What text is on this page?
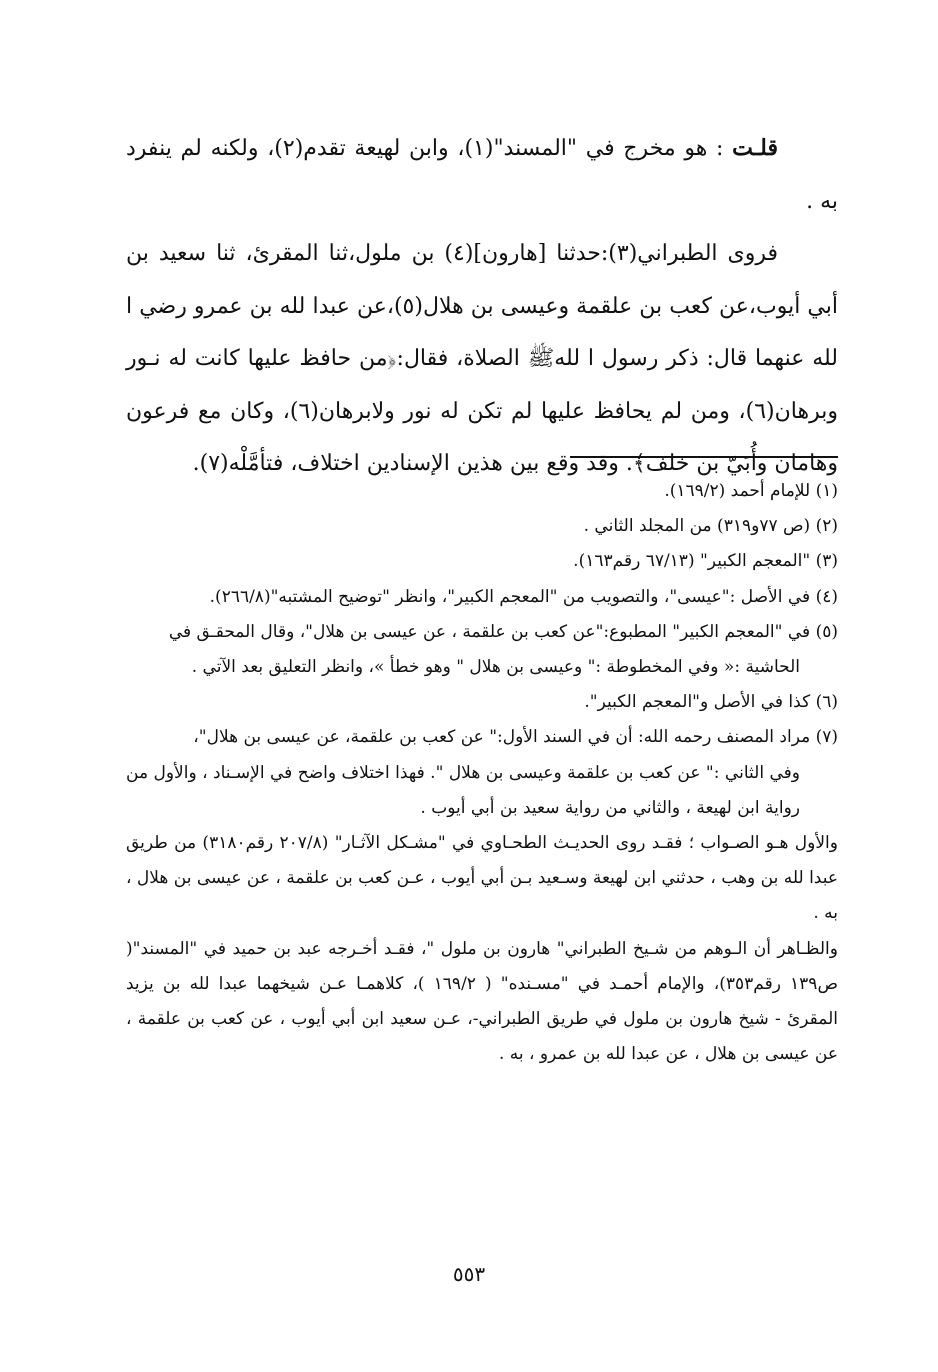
قلـت : هو مخرج في "المسند"(١)، وابن لهيعة تقدم(٢)، ولكنه لم ينفرد به .

فروى الطبراني(٣):حدثنا [هارون](٤) بن ملول،ثنا المقرئ، ثنا سعيد بن أبي أيوب،عن كعب بن علقمة وعيسى بن هلال(٥)،عن عبدا لله بن عمرو رضي ا لله عنهما قال: ذكر رسول ا للهﷺ الصلاة، فقال:﴿من حافظ عليها كانت له نـور وبرهان(٦)، ومن لم يحافظ عليها لم تكن له نور ولابرهان(٦)، وكان مع فرعون وهامان وأُبَيّ بن خلف﴾. وقد وقع بين هذين الإسنادين اختلاف، فتأمَّلْه(٧).

(١) للإمام أحمد (١٦٩/٢).

(٢) (ص ٧٧و٣١٩) من المجلد الثاني .

(٣) "المعجم الكبير" (٦٧/١٣ رقم١٦٣).

(٤) في الأصل :"عيسى"، والتصويب من "المعجم الكبير"، وانظر "توضيح المشتبه"(٢٦٦/٨).

(٥) في "المعجم الكبير" المطبوع:"عن كعب بن علقمة ، عن عيسى بن هلال"، وقال المحقـق في

الحاشية :« وفي المخطوطة :" وعيسى بن هلال " وهو خطأ »، وانظر التعليق بعد الآتي .

(٦) كذا في الأصل و"المعجم الكبير".

(٧) مراد المصنف رحمه الله: أن في السند الأول:" عن كعب بن علقمة، عن عيسى بن هلال"،

وفي الثاني :" عن كعب بن علقمة وعيسى بن هلال ". فهذا اختلاف واضح في الإسـناد ، والأول من رواية ابن لهيعة ، والثاني من رواية سعيد بن أبي أيوب .

والأول هـو الصـواب ؛ فقـد روى الحديـث الطحـاوي في "مشـكل الآثـار" (٢٠٧/٨ رقم٣١٨٠) من طريق عبدا لله بن وهب ، حدثني ابن لهيعة وسـعيد بـن أبي أيوب ، عـن كعب بن علقمة ، عن عيسى بن هلال ، به .

والظـاهر أن الـوهم من شـيخ الطبراني" هارون بن ملول "، فقـد أخـرجه عبد بن حميد في "المسند"( ص١٣٩ رقم٣٥٣)، والإمام أحمـد في "مسـنده" ( ١٦٩/٢ )، كلاهمـا عـن شيخهما عبدا لله بن يزيد المقرئ - شيخ هارون بن ملول في طريق الطبراني-، عـن سعيد ابن أبي أيوب ، عن كعب بن علقمة ، عن عيسى بن هلال ، عن عبدا لله بن عمرو ، به .

٥٥٣
